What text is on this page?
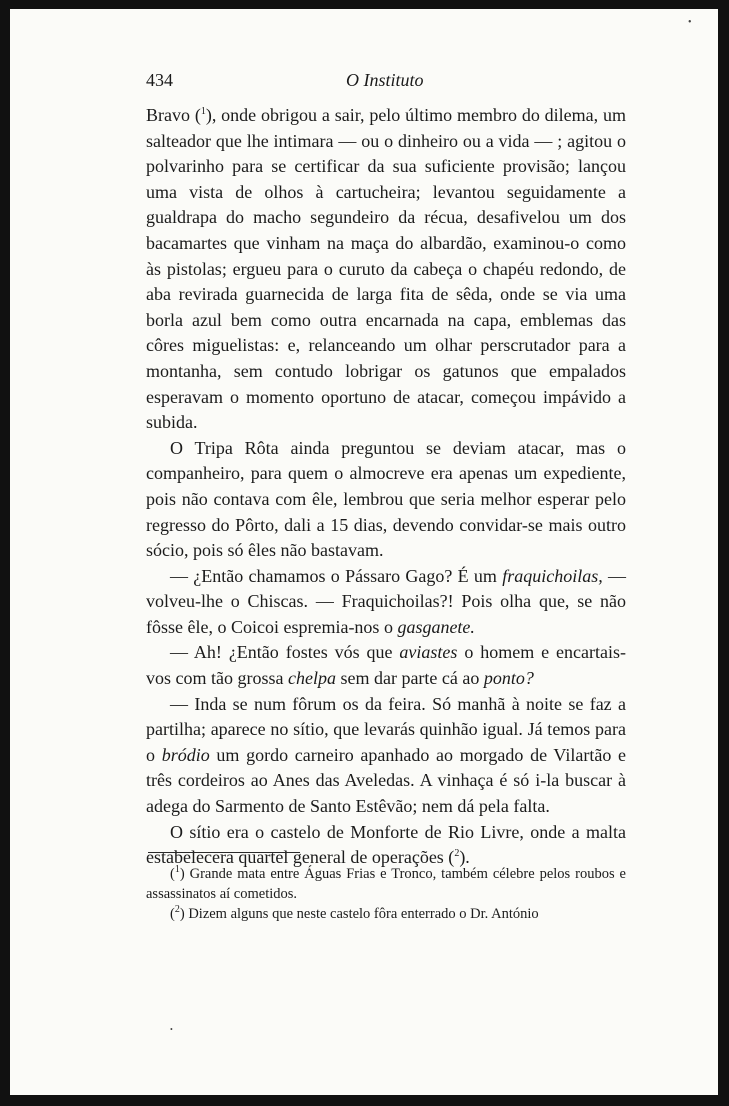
434	O Instituto

Bravo ($^1$), onde obrigou a sair, pelo último membro do dilema, um salteador que lhe intimara — ou o dinheiro ou a vida — ; agitou o polvarinho para se certificar da sua suficiente provisão; lançou uma vista de olhos à cartucheira; levantou seguidamente a gualdrapa do macho segundeiro da récua, desafivelou um dos bacamartes que vinham na maça do albardão, examinou-o como às pistolas; ergueu para o curuto da cabeça o chapéu redondo, de aba revirada guarnecida de larga fita de sêda, onde se via uma borla azul bem como outra encarnada na capa, emblemas das côres miguelistas: e, relanceando um olhar perscrutador para a montanha, sem contudo lobrigar os gatunos que empalados esperavam o momento oportuno de atacar, começou impávido a subida.

O Tripa Rôta ainda preguntou se deviam atacar, mas o companheiro, para quem o almocreve era apenas um expediente, pois não contava com êle, lembrou que seria melhor esperar pelo regresso do Pôrto, dali a 15 dias, devendo convidar-se mais outro sócio, pois só êles não bastavam.

— ¿Então chamamos o Pássaro Gago? É um fraquichoilas, — volveu-lhe o Chiscas. — Fraquichoilas?! Pois olha que, se não fôsse êle, o Coicoi espremia-nos o gasganete.

— Ah! ¿Então fostes vós que aviastes o homem e encartais-vos com tão grossa chelpa sem dar parte cá ao ponto?

— Inda se num fôrum os da feira. Só manhã à noite se faz a partilha; aparece no sítio, que levarás quinhão igual. Já temos para o bródio um gordo carneiro apanhado ao morgado de Vilartão e três cordeiros ao Anes das Aveledas. A vinhaça é só i-la buscar à adega do Sarmento de Santo Estêvão; nem dá pela falta.

O sítio era o castelo de Monforte de Rio Livre, onde a malta estabelecera quartel general de operações ($^2$).

($^1$) Grande mata entre Águas Frias e Tronco, também célebre pelos roubos e assassinatos aí cometidos.

($^2$) Dizem alguns que neste castelo fôra enterrado o Dr. António

•
•
